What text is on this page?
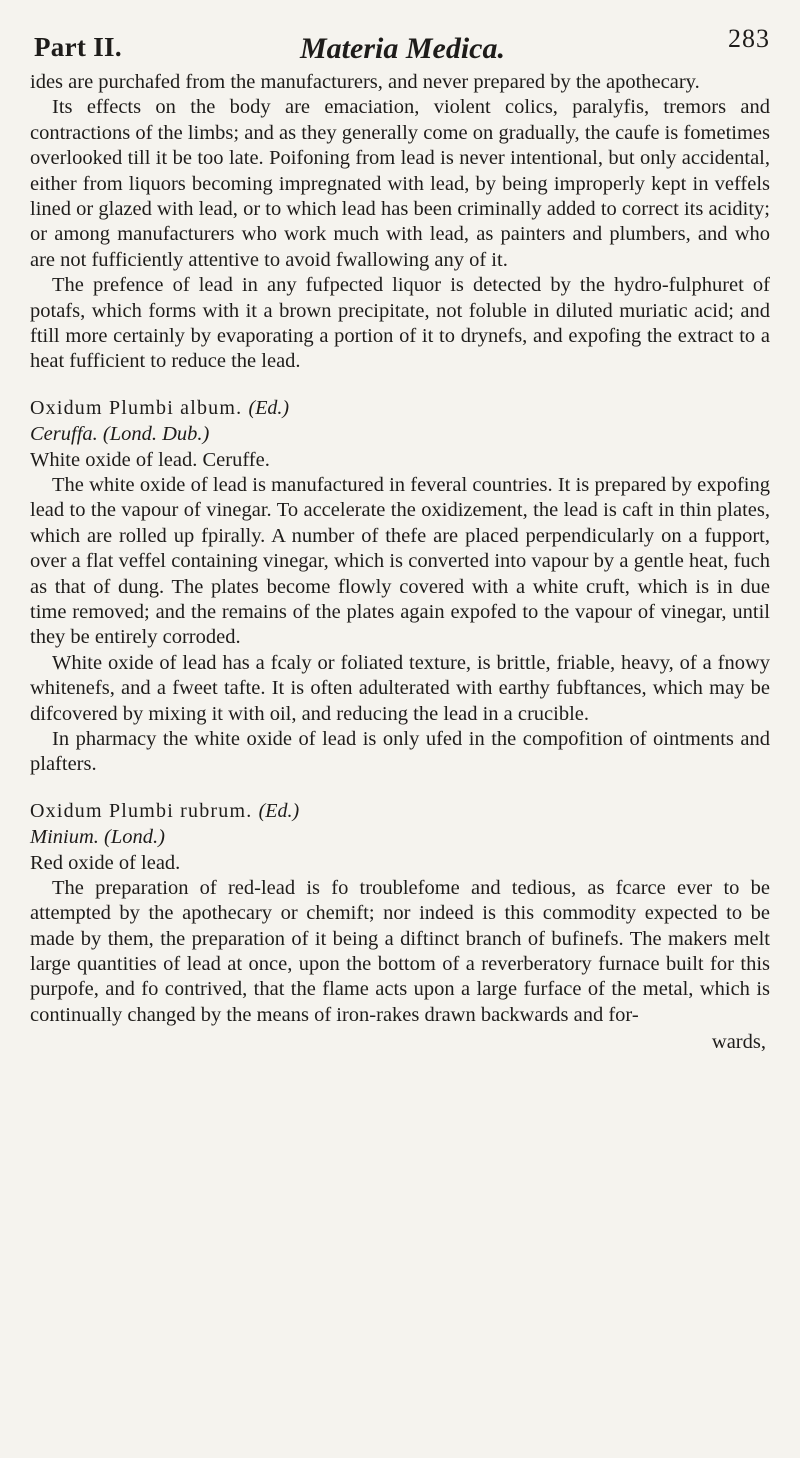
Part II.	Materia Medica.	283

ides are purchafed from the manufacturers, and never prepared by the apothecary.

Its effects on the body are emaciation, violent colics, paralyfis, tremors and contractions of the limbs; and as they generally come on gradually, the caufe is fometimes overlooked till it be too late. Poifoning from lead is never intentional, but only accidental, either from liquors becoming impregnated with lead, by being improperly kept in veffels lined or glazed with lead, or to which lead has been criminally added to correct its acidity; or among manufacturers who work much with lead, as painters and plumbers, and who are not fufficiently attentive to avoid fwallowing any of it.

The prefence of lead in any fufpected liquor is detected by the hydro-fulphuret of potafs, which forms with it a brown precipitate, not foluble in diluted muriatic acid; and ftill more certainly by evaporating a portion of it to drynefs, and expofing the extract to a heat fufficient to reduce the lead.

Oxidum Plumbi album. (Ed.)
Ceruffa. (Lond. Dub.)
White oxide of lead. Ceruffe.

The white oxide of lead is manufactured in feveral countries. It is prepared by expofing lead to the vapour of vinegar. To accelerate the oxidizement, the lead is caft in thin plates, which are rolled up fpirally. A number of thefe are placed perpendicularly on a fupport, over a flat veffel containing vinegar, which is converted into vapour by a gentle heat, fuch as that of dung. The plates become flowly covered with a white cruft, which is in due time removed; and the remains of the plates again expofed to the vapour of vinegar, until they be entirely corroded.

White oxide of lead has a fcaly or foliated texture, is brittle, friable, heavy, of a fnowy whitenefs, and a fweet tafte. It is often adulterated with earthy fubftances, which may be difcovered by mixing it with oil, and reducing the lead in a crucible.

In pharmacy the white oxide of lead is only ufed in the compofition of ointments and plafters.

Oxidum Plumbi rubrum. (Ed.)
Minium. (Lond.)
Red oxide of lead.

The preparation of red-lead is fo troublefome and tedious, as fcarce ever to be attempted by the apothecary or chemift; nor indeed is this commodity expected to be made by them, the preparation of it being a diftinct branch of bufinefs. The makers melt large quantities of lead at once, upon the bottom of a reverberatory furnace built for this purpofe, and fo contrived, that the flame acts upon a large furface of the metal, which is continually changed by the means of iron-rakes drawn backwards and for-

wards,
